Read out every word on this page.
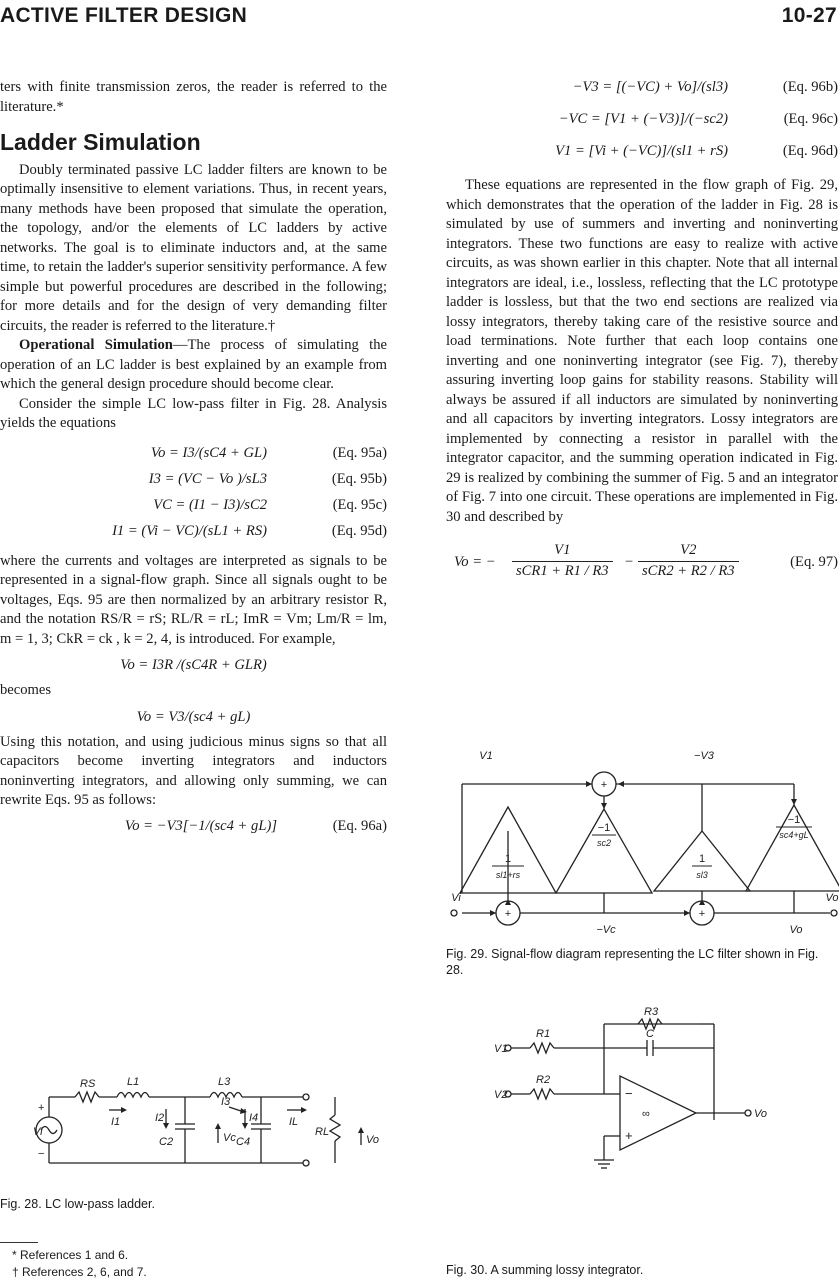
ACTIVE FILTER DESIGN	10-27

ters with finite transmission zeros, the reader is referred to the literature.*

Ladder Simulation

Doubly terminated passive LC ladder filters are known to be optimally insensitive to element variations. Thus, in recent years, many methods have been proposed that simulate the operation, the topology, and/or the elements of LC ladders by active networks. The goal is to eliminate inductors and, at the same time, to retain the ladder's superior sensitivity performance. A few simple but powerful procedures are described in the following; for more details and for the design of very demanding filter circuits, the reader is referred to the literature.†

Operational Simulation—The process of simulating the operation of an LC ladder is best explained by an example from which the general design procedure should become clear.

Consider the simple LC low-pass filter in Fig. 28. Analysis yields the equations

Vo = I3/(sC4 + GL)	(Eq. 95a)
I3 = (VC − Vo )/sL3	(Eq. 95b)
VC = (I1 − I3)/sC2	(Eq. 95c)
I1 = (Vi − VC)/(sL1 + RS)	(Eq. 95d)

where the currents and voltages are interpreted as signals to be represented in a signal-flow graph. Since all signals ought to be voltages, Eqs. 95 are then normalized by an arbitrary resistor R, and the notation RS/R = rS; RL/R = rL; ImR = Vm; Lm/R = lm, m = 1, 3; CkR = ck , k = 2, 4, is introduced. For example,

Vo = I3R /(sC4R + GLR)

becomes

Vo = V3/(sc4 + gL)

Using this notation, and using judicious minus signs so that all capacitors become inverting integrators and inductors noninverting integrators, and allowing only summing, we can rewrite Eqs. 95 as follows:

Vo = −V3[−1/(sc4 + gL)]	(Eq. 96a)
RS	L1	L3
Vi
+
−
I1	I2
I3
I4	IL
C2	Vc C4
RL
Vo
Fig. 28. LC low-pass ladder.
* References 1 and 6.
† References 2, 6, and 7.
−V3 = [(−VC) + Vo]/(sl3)	(Eq. 96b)
−VC = [V1 + (−V3)]/(−sc2)	(Eq. 96c)
V1 = [Vi + (−VC)]/(sl1 + rS)	(Eq. 96d)

These equations are represented in the flow graph of Fig. 29, which demonstrates that the operation of the ladder in Fig. 28 is simulated by use of summers and inverting and noninverting integrators. These two functions are easy to realize with active circuits, as was shown earlier in this chapter. Note that all internal integrators are ideal, i.e., lossless, reflecting that the LC prototype ladder is lossless, but that the two end sections are realized via lossy integrators, thereby taking care of the resistive source and load terminations. Note further that each loop contains one inverting and one noninverting integrator (see Fig. 7), thereby assuring inverting loop gains for stability reasons. Stability will always be assured if all inductors are simulated by noninverting and all capacitors by inverting integrators. Lossy integrators are implemented by connecting a resistor in parallel with the integrator capacitor, and the summing operation indicated in Fig. 29 is realized by combining the summer of Fig. 5 and an integrator of Fig. 7 into one circuit. These operations are implemented in Fig. 30 and described by

Vo = −
V1
sCR1 + R1 / R3
−
V2
sCR2 + R2 / R3
(Eq. 97)
V1	−V3
+
+	+
Vi	Vo
−Vc	Vo
1
sl1+rs
−1
sc2
1
sl3
−1
sc4+gL
Fig. 29. Signal-flow diagram representing the LC filter shown in Fig. 28.
R3
C
R1
V1
R2
V2	−
+
∞	Vo
Fig. 30. A summing lossy integrator.
